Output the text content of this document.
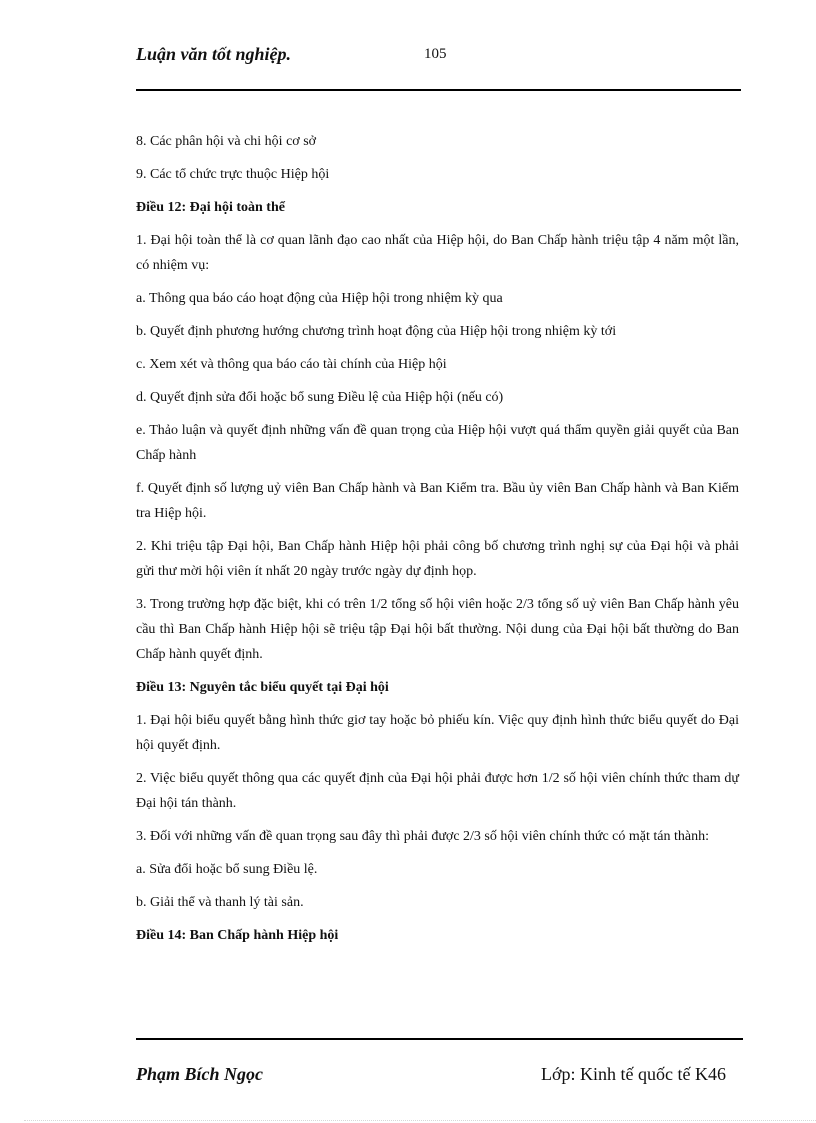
Luận văn tốt nghiệp.	105

8. Các phân hội và chi hội cơ sở

9. Các tổ chức trực thuộc Hiệp hội

Điều 12: Đại hội toàn thể

1. Đại hội toàn thể là cơ quan lãnh đạo cao nhất của Hiệp hội, do Ban Chấp hành triệu tập 4 năm một lần, có nhiệm vụ:

a. Thông qua báo cáo hoạt động của Hiệp hội trong nhiệm kỳ qua

b. Quyết định phương hướng chương trình hoạt động của Hiệp hội trong nhiệm kỳ tới

c. Xem xét và thông qua báo cáo tài chính của Hiệp hội

d. Quyết định sửa đổi hoặc bổ sung Điều lệ của Hiệp hội (nếu có)

e. Thảo luận và quyết định những vấn đề quan trọng của Hiệp hội vượt quá thẩm quyền giải quyết của Ban Chấp hành

f. Quyết định số lượng uỷ viên Ban Chấp hành và Ban Kiểm tra. Bầu ủy viên Ban Chấp hành và Ban Kiểm tra Hiệp hội.

2. Khi triệu tập Đại hội, Ban Chấp hành Hiệp hội phải công bố chương trình nghị sự của Đại hội và phải gửi thư mời hội viên ít nhất 20 ngày trước ngày dự định họp.

3. Trong trường hợp đặc biệt, khi có trên 1/2 tổng số hội viên hoặc 2/3 tổng số uỷ viên Ban Chấp hành yêu cầu thì Ban Chấp hành Hiệp hội sẽ triệu tập Đại hội bất thường. Nội dung của Đại hội bất thường do Ban Chấp hành quyết định.

Điều 13: Nguyên tắc biểu quyết tại Đại hội

1. Đại hội biểu quyết bằng hình thức giơ tay hoặc bỏ phiếu kín. Việc quy định hình thức biểu quyết do Đại hội quyết định.

2. Việc biểu quyết thông qua các quyết định của Đại hội phải được hơn 1/2 số hội viên chính thức tham dự Đại hội tán thành.

3. Đối với những vấn đề quan trọng sau đây thì phải được 2/3 số hội viên chính thức có mặt tán thành:

a. Sửa đổi hoặc bổ sung Điều lệ.

b. Giải thể và thanh lý tài sản.

Điều 14: Ban Chấp hành Hiệp hội

Phạm Bích Ngọc	Lớp: Kinh tế quốc tế K46
